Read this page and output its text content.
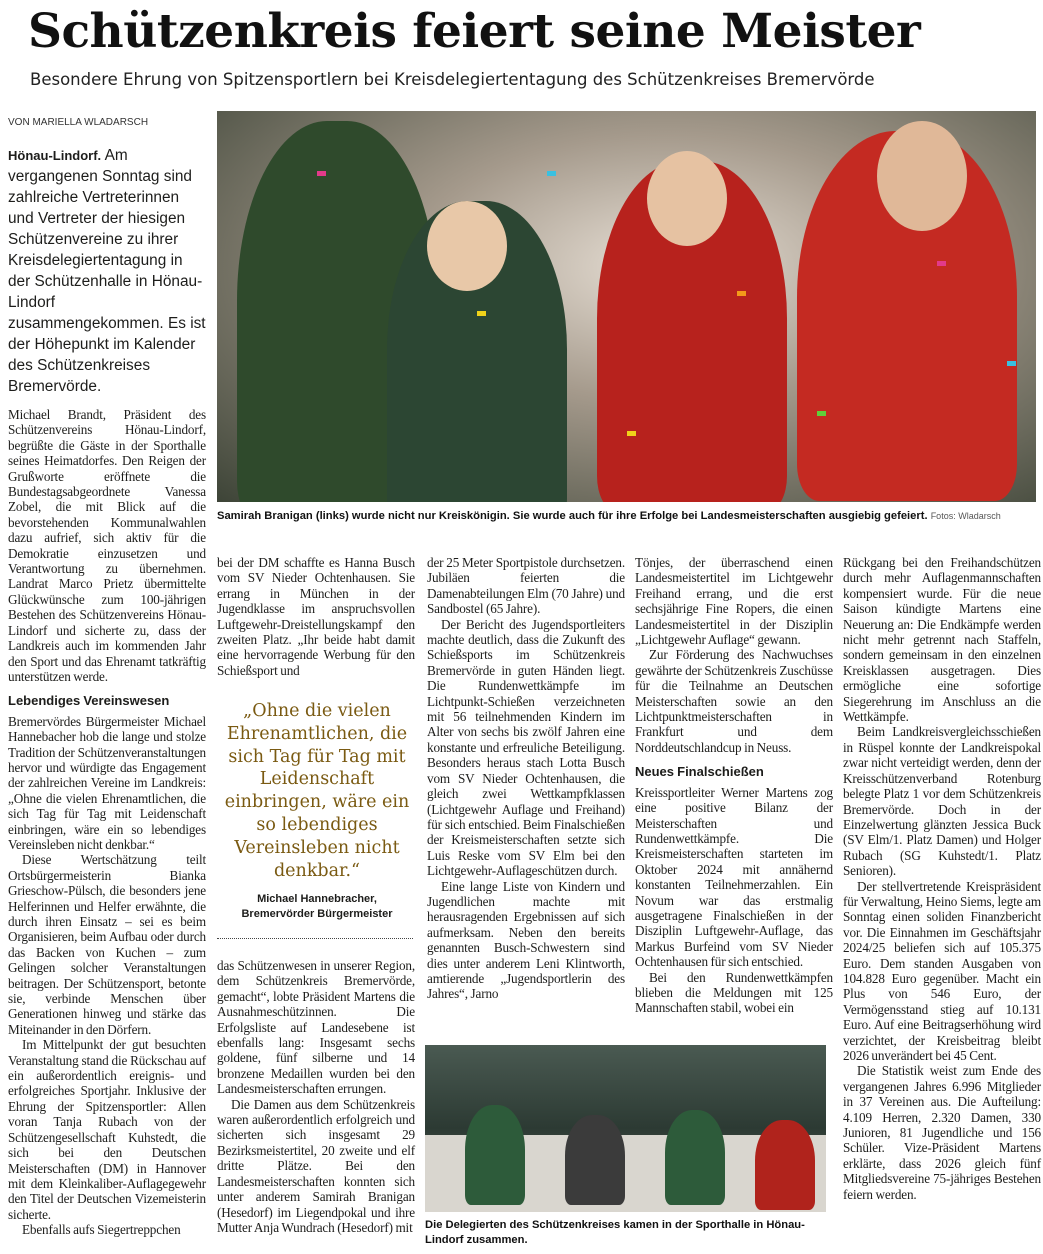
Schützenkreis feiert seine Meister
Besondere Ehrung von Spitzensportlern bei Kreisdelegiertentagung des Schützenkreises Bremervörde
VON MARIELLA WLADARSCH
Samirah Branigan (links) wurde nicht nur Kreiskönigin. Sie wurde auch für ihre Erfolge bei Landesmeisterschaften ausgiebig gefeiert. Fotos: Wladarsch

Hönau-Lindorf. Am vergangenen Sonntag sind zahlreiche Vertreterinnen und Vertreter der hiesigen Schützenvereine zu ihrer Kreisdelegiertentagung in der Schützenhalle in Hönau-Lindorf zusammengekommen. Es ist der Höhepunkt im Kalender des Schützenkreises Bremervörde.

Michael Brandt, Präsident des Schützenvereins Hönau-Lindorf, begrüßte die Gäste in der Sporthalle seines Heimatdorfes. Den Reigen der Grußworte eröffnete die Bundestagsabgeordnete Vanessa Zobel, die mit Blick auf die bevorstehenden Kommunalwahlen dazu aufrief, sich aktiv für die Demokratie einzusetzen und Verantwortung zu übernehmen. Landrat Marco Prietz übermittelte Glückwünsche zum 100-jährigen Bestehen des Schützenvereins Hönau-Lindorf und sicherte zu, dass der Landkreis auch im kommenden Jahr den Sport und das Ehrenamt tatkräftig unterstützen werde.

Lebendiges Vereinswesen

Bremervördes Bürgermeister Michael Hannebacher hob die lange und stolze Tradition der Schützenveranstaltungen hervor und würdigte das Engagement der zahlreichen Vereine im Landkreis: „Ohne die vielen Ehrenamtlichen, die sich Tag für Tag mit Leidenschaft einbringen, wäre ein so lebendiges Vereinsleben nicht denkbar.“

Diese Wertschätzung teilt Ortsbürgermeisterin Bianka Grieschow-Pülsch, die besonders jene Helferinnen und Helfer erwähnte, die durch ihren Einsatz – sei es beim Organisieren, beim Aufbau oder durch das Backen von Kuchen – zum Gelingen solcher Veranstaltungen beitragen. Der Schützensport, betonte sie, verbinde Menschen über Generationen hinweg und stärke das Miteinander in den Dörfern.

Im Mittelpunkt der gut besuchten Veranstaltung stand die Rückschau auf ein außerordentlich ereignis- und erfolgreiches Sportjahr. Inklusive der Ehrung der Spitzensportler: Allen voran Tanja Rubach von der Schützengesellschaft Kuhstedt, die sich bei den Deutschen Meisterschaften (DM) in Hannover mit dem Kleinkaliber-Auflagegewehr den Titel der Deutschen Vizemeisterin sicherte.

Ebenfalls aufs Siegertreppchen

bei der DM schaffte es Hanna Busch vom SV Nieder Ochtenhausen. Sie errang in München in der Jugendklasse im anspruchsvollen Luftgewehr-Dreistellungskampf den zweiten Platz. „Ihr beide habt damit eine hervorragende Werbung für den Schießsport und

„Ohne die vielen Ehrenamtlichen, die sich Tag für Tag mit Leidenschaft einbringen, wäre ein so lebendiges Vereinsleben nicht denkbar.“
Michael Hannebracher,
Bremervörder Bürgermeister

das Schützenwesen in unserer Region, dem Schützenkreis Bremervörde, gemacht“, lobte Präsident Martens die Ausnahmeschützinnen. Die Erfolgsliste auf Landesebene ist ebenfalls lang: Insgesamt sechs goldene, fünf silberne und 14 bronzene Medaillen wurden bei den Landesmeisterschaften errungen.

Die Damen aus dem Schützenkreis waren außerordentlich erfolgreich und sicherten sich insgesamt 29 Bezirksmeistertitel, 20 zweite und elf dritte Plätze. Bei den Landesmeisterschaften konnten sich unter anderem Samirah Branigan (Hesedorf) im Liegendpokal und ihre Mutter Anja Wundrach (Hesedorf) mit

der 25 Meter Sportpistole durchsetzen. Jubiläen feierten die Damenabteilungen Elm (70 Jahre) und Sandbostel (65 Jahre).

Der Bericht des Jugendsportleiters machte deutlich, dass die Zukunft des Schießsports im Schützenkreis Bremervörde in guten Händen liegt. Die Rundenwettkämpfe im Lichtpunkt-Schießen verzeichneten mit 56 teilnehmenden Kindern im Alter von sechs bis zwölf Jahren eine konstante und erfreuliche Beteiligung. Besonders heraus stach Lotta Busch vom SV Nieder Ochtenhausen, die gleich zwei Wettkampfklassen (Lichtgewehr Auflage und Freihand) für sich entschied. Beim Finalschießen der Kreismeisterschaften setzte sich Luis Reske vom SV Elm bei den Lichtgewehr-Auflageschützen durch.

Eine lange Liste von Kindern und Jugendlichen machte mit herausragenden Ergebnissen auf sich aufmerksam. Neben den bereits genannten Busch-Schwestern sind dies unter anderem Leni Klintworth, amtierende „Jugendsportlerin des Jahres“, Jarno

Tönjes, der überraschend einen Landesmeistertitel im Lichtgewehr Freihand errang, und die erst sechsjährige Fine Ropers, die einen Landesmeistertitel in der Disziplin „Lichtgewehr Auflage“ gewann.

Zur Förderung des Nachwuchses gewährte der Schützenkreis Zuschüsse für die Teilnahme an Deutschen Meisterschaften sowie an den Lichtpunktmeisterschaften in Frankfurt und dem Norddeutschlandcup in Neuss.

Neues Finalschießen

Kreissportleiter Werner Martens zog eine positive Bilanz der Meisterschaften und Rundenwettkämpfe. Die Kreismeisterschaften starteten im Oktober 2024 mit annähernd konstanten Teilnehmerzahlen. Ein Novum war das erstmalig ausgetragene Finalschießen in der Disziplin Luftgewehr-Auflage, das Markus Burfeind vom SV Nieder Ochtenhausen für sich entschied.

Bei den Rundenwettkämpfen blieben die Meldungen mit 125 Mannschaften stabil, wobei ein

Die Delegierten des Schützenkreises kamen in der Sporthalle in Hönau-Lindorf zusammen.

Rückgang bei den Freihandschützen durch mehr Auflagenmannschaften kompensiert wurde. Für die neue Saison kündigte Martens eine Neuerung an: Die Endkämpfe werden nicht mehr getrennt nach Staffeln, sondern gemeinsam in den einzelnen Kreisklassen ausgetragen. Dies ermögliche eine sofortige Siegerehrung im Anschluss an die Wettkämpfe.

Beim Landkreisvergleichsschießen in Rüspel konnte der Landkreispokal zwar nicht verteidigt werden, denn der Kreisschützenverband Rotenburg belegte Platz 1 vor dem Schützenkreis Bremervörde. Doch in der Einzelwertung glänzten Jessica Buck (SV Elm/1. Platz Damen) und Holger Rubach (SG Kuhstedt/1. Platz Senioren).

Der stellvertretende Kreispräsident für Verwaltung, Heino Siems, legte am Sonntag einen soliden Finanzbericht vor. Die Einnahmen im Geschäftsjahr 2024/25 beliefen sich auf 105.375 Euro. Dem standen Ausgaben von 104.828 Euro gegenüber. Macht ein Plus von 546 Euro, der Vermögensstand stieg auf 10.131 Euro. Auf eine Beitragserhöhung wird verzichtet, der Kreisbeitrag bleibt 2026 unverändert bei 45 Cent.

Die Statistik weist zum Ende des vergangenen Jahres 6.996 Mitglieder in 37 Vereinen aus. Die Aufteilung: 4.109 Herren, 2.320 Damen, 330 Junioren, 81 Jugendliche und 156 Schüler. Vize-Präsident Martens erklärte, dass 2026 gleich fünf Mitgliedsvereine 75-jähriges Bestehen feiern werden.
